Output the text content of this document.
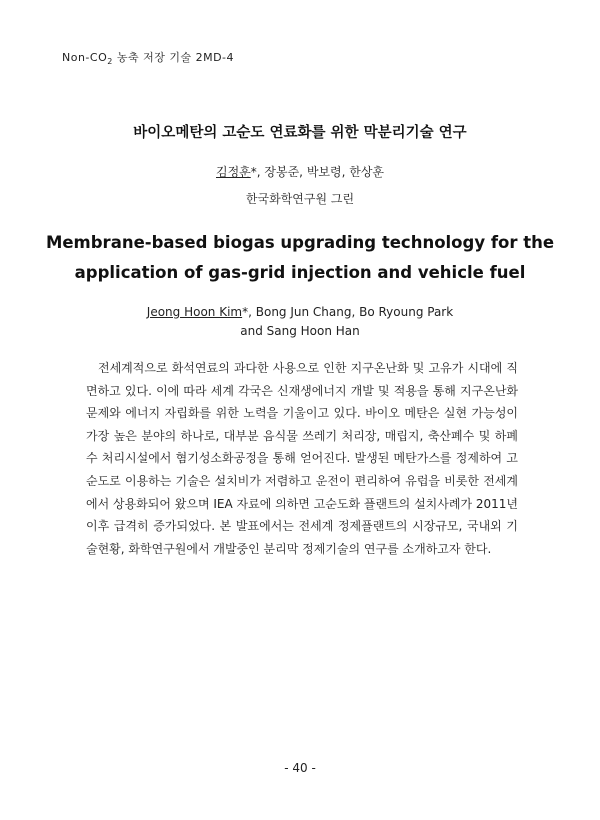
Non-$CO_2$ 농축 저장 기술 2MD-4
바이오메탄의 고순도 연료화를 위한 막분리기술 연구
김정훈*, 장봉준, 박보령, 한상훈
한국화학연구원 그린
Membrane-based biogas upgrading technology for the
application of gas-grid injection and vehicle fuel
Jeong Hoon Kim*, Bong Jun Chang, Bo Ryoung Park
and Sang Hoon Han
전세계적으로 화석연료의 과다한 사용으로 인한 지구온난화 및 고유가 시대에 직면하고 있다. 이에 따라 세계 각국은 신재생에너지 개발 및 적용을 통해 지구온난화문제와 에너지 자립화를 위한 노력을 기울이고 있다. 바이오 메탄은 실현 가능성이 가장 높은 분야의 하나로, 대부분 음식물 쓰레기 처리장, 매립지, 축산폐수 및 하폐수 처리시설에서 혐기성소화공정을 통해 얻어진다. 발생된 메탄가스를 정제하여 고순도로 이용하는 기술은 설치비가 저렴하고 운전이 편리하여 유럽을 비롯한 전세계에서 상용화되어 왔으며 IEA 자료에 의하면 고순도화 플랜트의 설치사례가 2011년 이후 급격히 증가되었다. 본 발표에서는 전세계 정제플랜트의 시장규모, 국내외 기술현황, 화학연구원에서 개발중인 분리막 정제기술의 연구를 소개하고자 한다.
- 40 -
